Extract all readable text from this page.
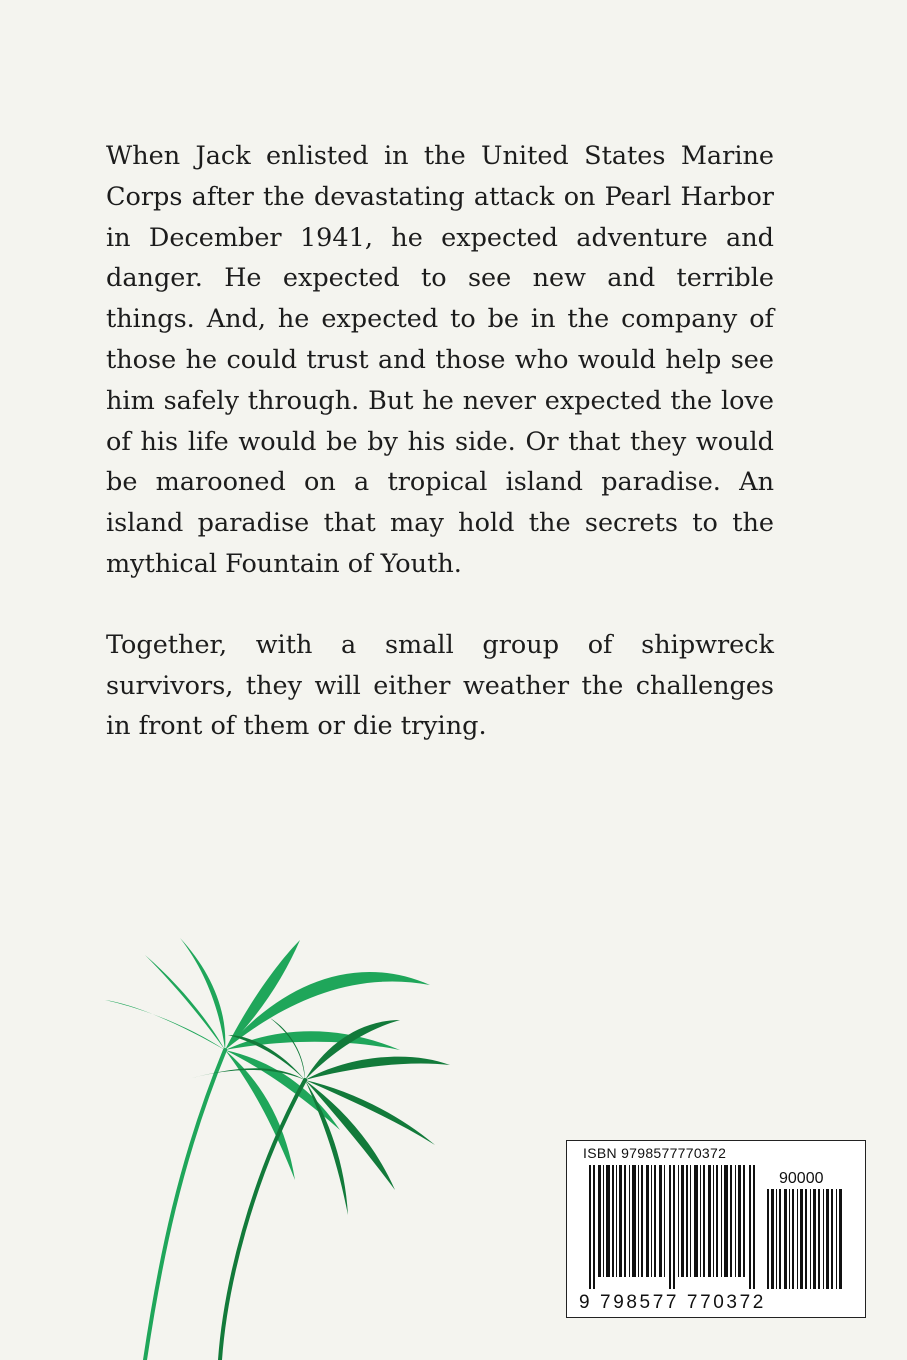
When Jack enlisted in the United States Marine Corps after the devastating attack on Pearl Harbor in December 1941, he expected adventure and danger. He expected to see new and terrible things. And, he expected to be in the company of those he could trust and those who would help see him safely through. But he never expected the love of his life would be by his side. Or that they would be marooned on a tropical island paradise. An island paradise that may hold the secrets to the mythical Fountain of Youth.

Together, with a small group of shipwreck survivors, they will either weather the challenges in front of them or die trying.

ISBN 9798577770372
90000
9 798577 770372
